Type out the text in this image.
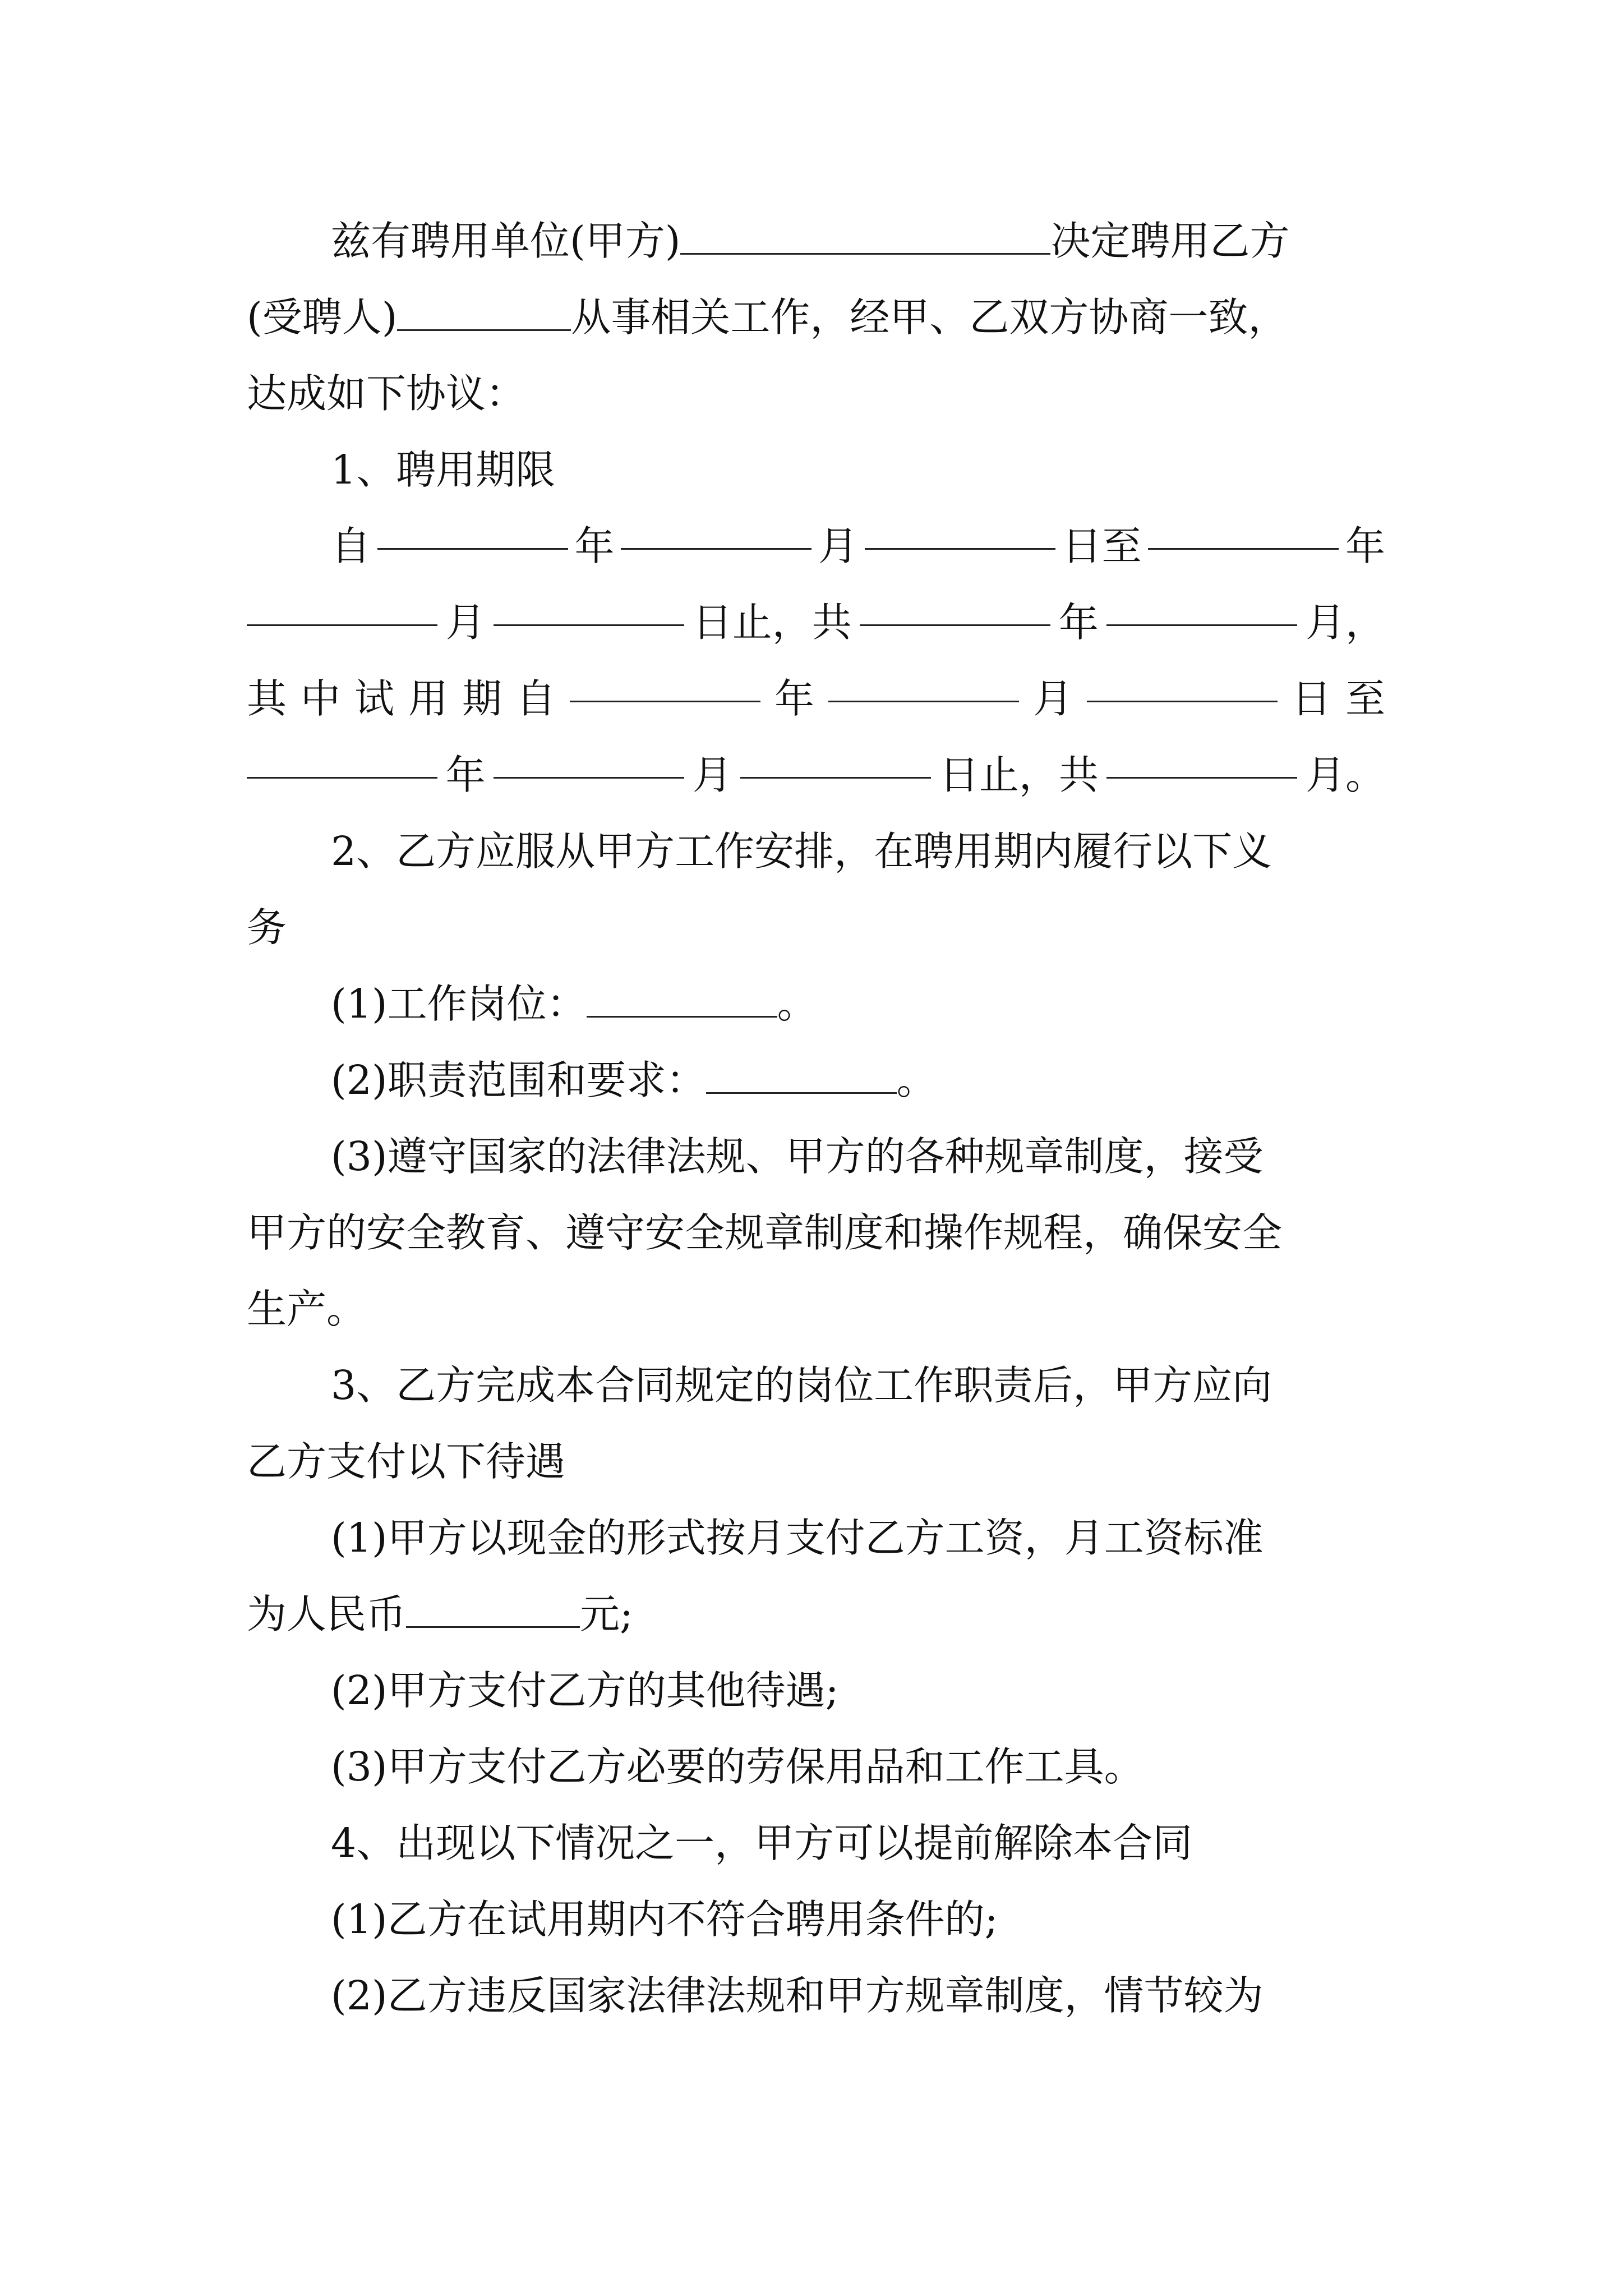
兹有聘用单位(甲方)	决定聘用乙方
(受聘人)	从事相关工作，经甲、乙双方协商一致，
达成如下协议：
1、聘用期限
自	年	月	日至	年
月	日止，共	年	月，
其 中 试 用 期 自	年	月	日 至
年	月	日止，共	月。
2、乙方应服从甲方工作安排，在聘用期内履行以下义
务
(1)工作岗位：	。
(2)职责范围和要求：	。
(3)遵守国家的法律法规、甲方的各种规章制度，接受
甲方的安全教育、遵守安全规章制度和操作规程，确保安全
生产。
3、乙方完成本合同规定的岗位工作职责后，甲方应向
乙方支付以下待遇
(1)甲方以现金的形式按月支付乙方工资，月工资标准
为人民币	元;
(2)甲方支付乙方的其他待遇;
(3)甲方支付乙方必要的劳保用品和工作工具。
4、出现以下情况之一，甲方可以提前解除本合同
(1)乙方在试用期内不符合聘用条件的;
(2)乙方违反国家法律法规和甲方规章制度，情节较为
